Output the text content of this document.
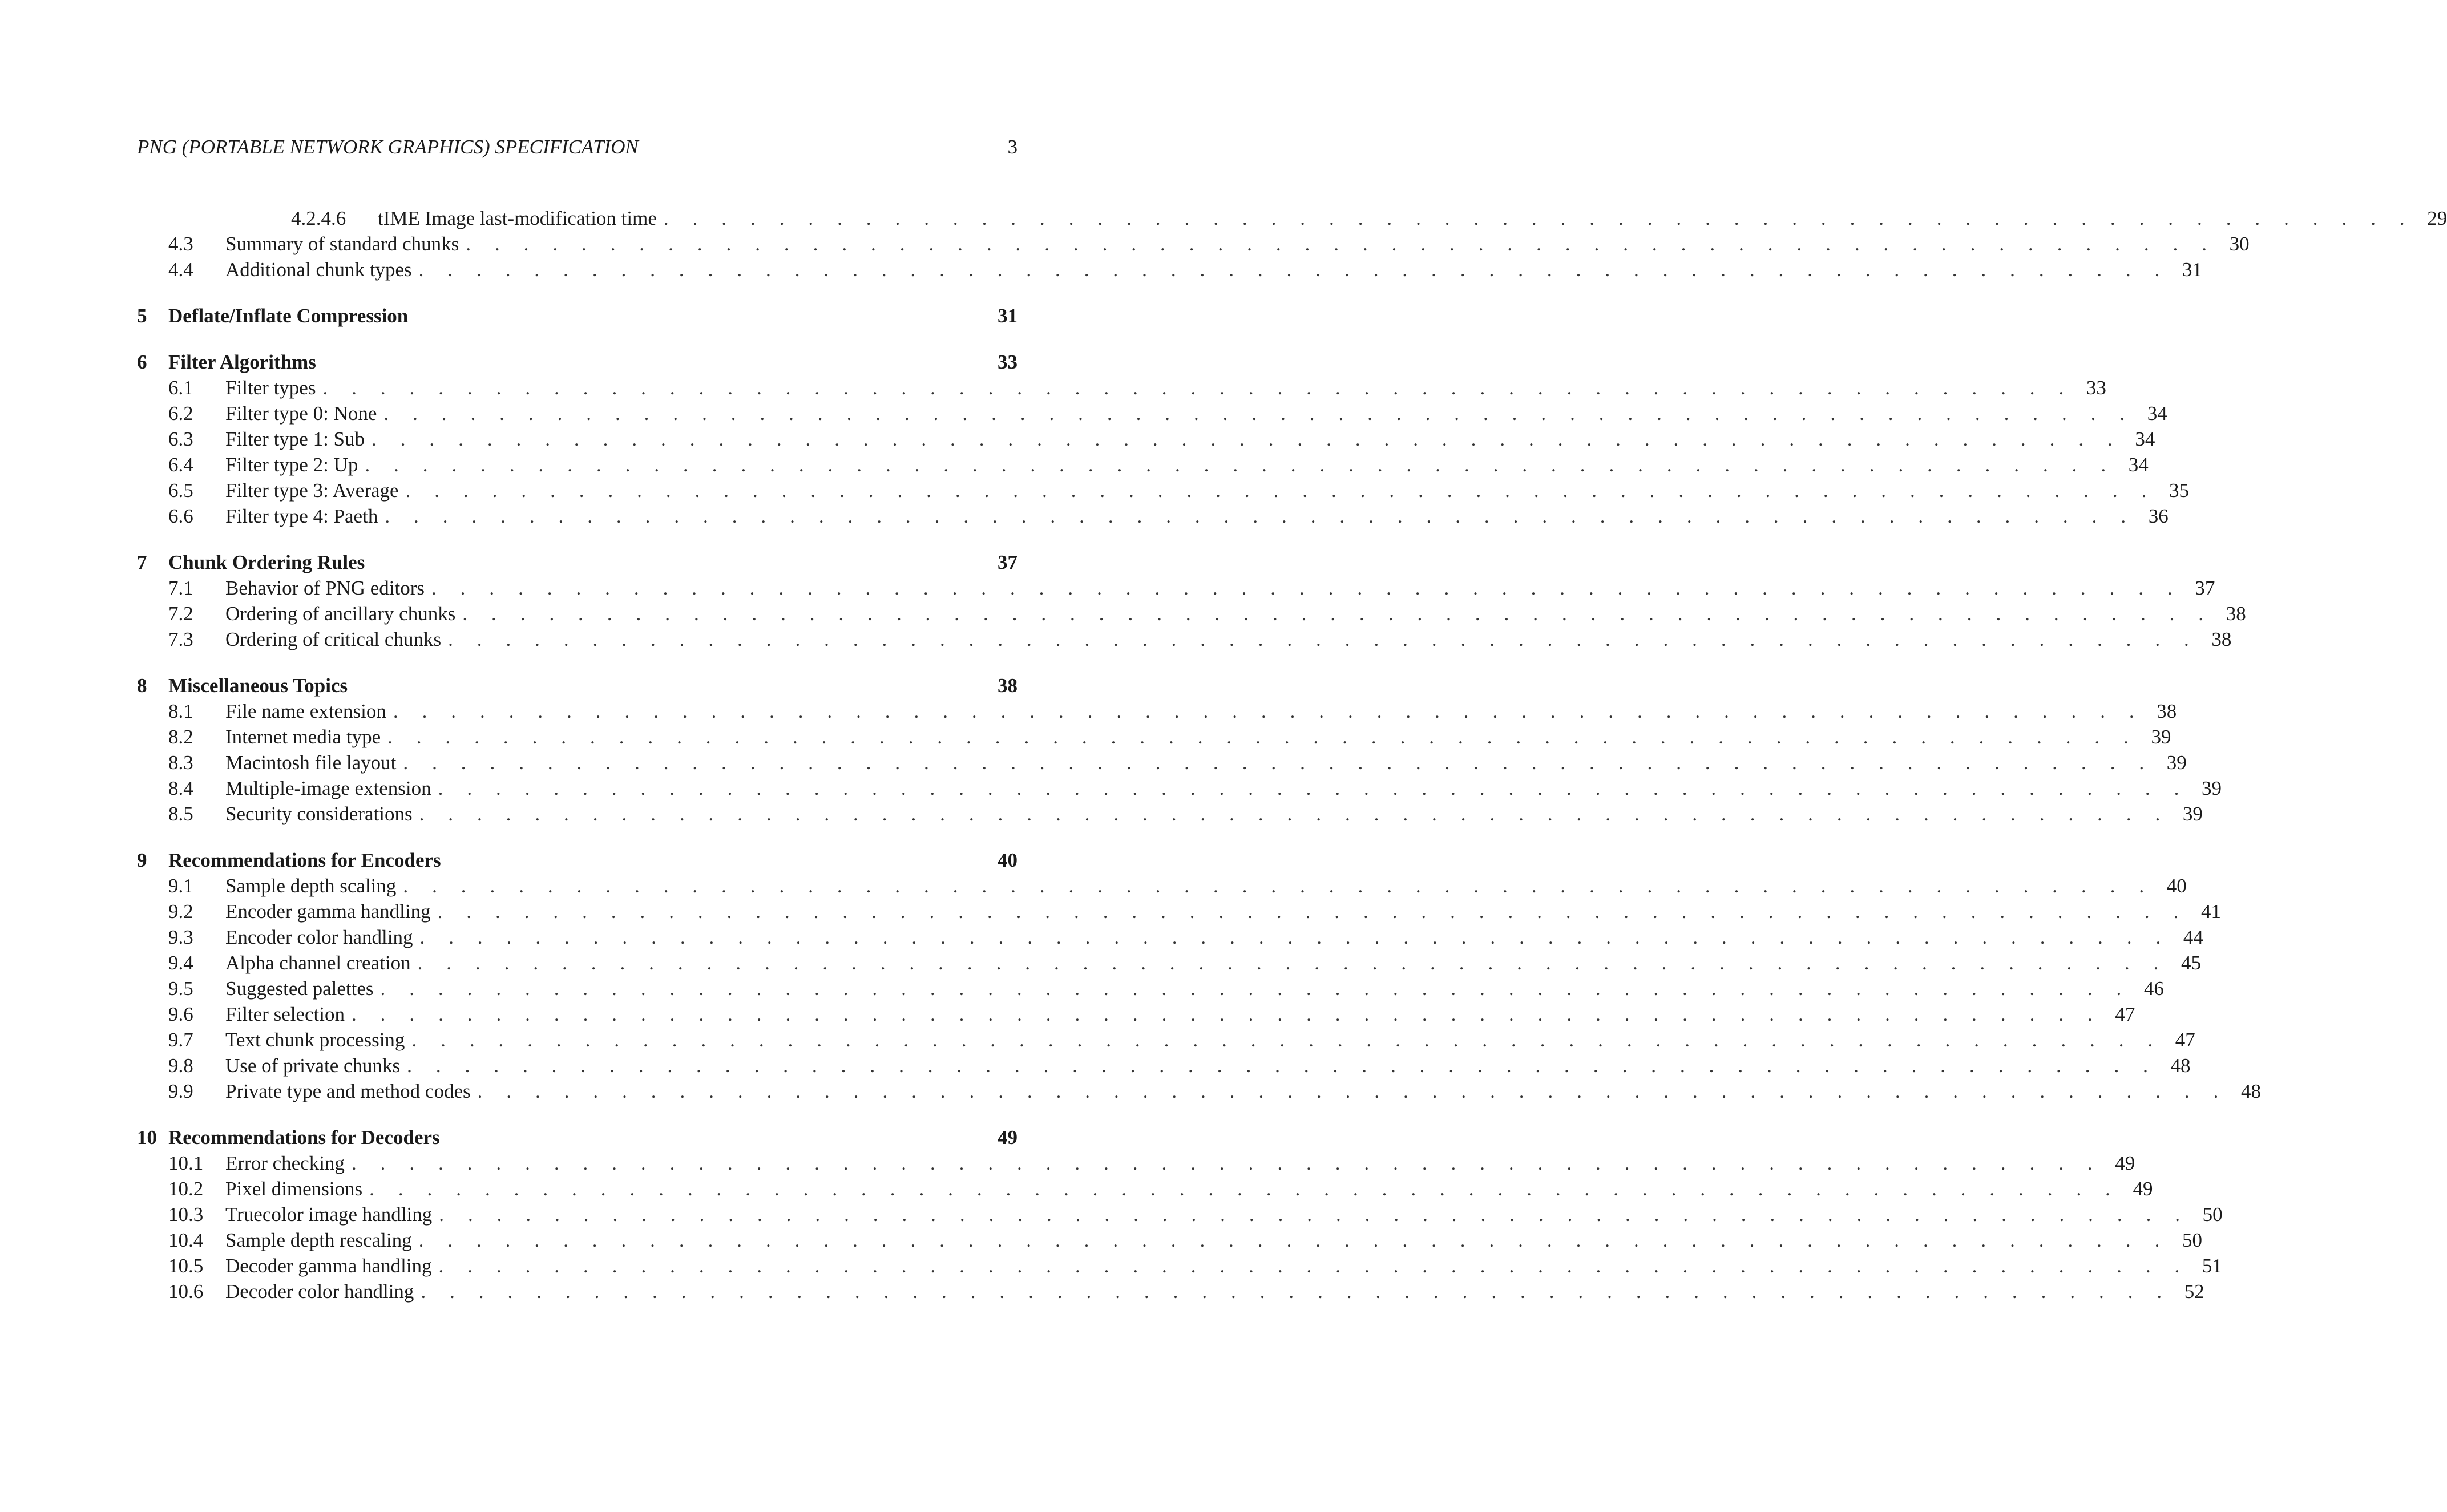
PNG (PORTABLE NETWORK GRAPHICS) SPECIFICATION	3
4.2.4.6	tIME Image last-modification time . . . . . . . . . . . . . . . . . . . . . . . . . . . . . . . . . . . . . . . . . . . . . . . . . . . . . . . . . . . . . 29
4.3	Summary of standard chunks . . . . . . . . . . . . . . . . . . . . . . . . . . . . . . . . . . . . . . . . . . . . . . . . . . . . . . . . . . . . . 30
4.4	Additional chunk types . . . . . . . . . . . . . . . . . . . . . . . . . . . . . . . . . . . . . . . . . . . . . . . . . . . . . . . . . . . . . 31
5	Deflate/Inflate Compression	31
6	Filter Algorithms	33
6.1	Filter types . . . . . . . . . . . . . . . . . . . . . . . . . . . . . . . . . . . . . . . . . . . . . . . . . . . . . . . . . . . . . 33
6.2	Filter type 0: None . . . . . . . . . . . . . . . . . . . . . . . . . . . . . . . . . . . . . . . . . . . . . . . . . . . . . . . . . . . . . 34
6.3	Filter type 1: Sub . . . . . . . . . . . . . . . . . . . . . . . . . . . . . . . . . . . . . . . . . . . . . . . . . . . . . . . . . . . . . 34
6.4	Filter type 2: Up . . . . . . . . . . . . . . . . . . . . . . . . . . . . . . . . . . . . . . . . . . . . . . . . . . . . . . . . . . . . . 34
6.5	Filter type 3: Average . . . . . . . . . . . . . . . . . . . . . . . . . . . . . . . . . . . . . . . . . . . . . . . . . . . . . . . . . . . . . 35
6.6	Filter type 4: Paeth . . . . . . . . . . . . . . . . . . . . . . . . . . . . . . . . . . . . . . . . . . . . . . . . . . . . . . . . . . . . . 36
7	Chunk Ordering Rules	37
7.1	Behavior of PNG editors . . . . . . . . . . . . . . . . . . . . . . . . . . . . . . . . . . . . . . . . . . . . . . . . . . . . . . . . . . . . . 37
7.2	Ordering of ancillary chunks . . . . . . . . . . . . . . . . . . . . . . . . . . . . . . . . . . . . . . . . . . . . . . . . . . . . . . . . . . . . . 38
7.3	Ordering of critical chunks . . . . . . . . . . . . . . . . . . . . . . . . . . . . . . . . . . . . . . . . . . . . . . . . . . . . . . . . . . . . . 38
8	Miscellaneous Topics	38
8.1	File name extension . . . . . . . . . . . . . . . . . . . . . . . . . . . . . . . . . . . . . . . . . . . . . . . . . . . . . . . . . . . . . 38
8.2	Internet media type . . . . . . . . . . . . . . . . . . . . . . . . . . . . . . . . . . . . . . . . . . . . . . . . . . . . . . . . . . . . . 39
8.3	Macintosh file layout . . . . . . . . . . . . . . . . . . . . . . . . . . . . . . . . . . . . . . . . . . . . . . . . . . . . . . . . . . . . . 39
8.4	Multiple-image extension . . . . . . . . . . . . . . . . . . . . . . . . . . . . . . . . . . . . . . . . . . . . . . . . . . . . . . . . . . . . . 39
8.5	Security considerations . . . . . . . . . . . . . . . . . . . . . . . . . . . . . . . . . . . . . . . . . . . . . . . . . . . . . . . . . . . . . 39
9	Recommendations for Encoders	40
9.1	Sample depth scaling . . . . . . . . . . . . . . . . . . . . . . . . . . . . . . . . . . . . . . . . . . . . . . . . . . . . . . . . . . . . . 40
9.2	Encoder gamma handling . . . . . . . . . . . . . . . . . . . . . . . . . . . . . . . . . . . . . . . . . . . . . . . . . . . . . . . . . . . . . 41
9.3	Encoder color handling . . . . . . . . . . . . . . . . . . . . . . . . . . . . . . . . . . . . . . . . . . . . . . . . . . . . . . . . . . . . . 44
9.4	Alpha channel creation . . . . . . . . . . . . . . . . . . . . . . . . . . . . . . . . . . . . . . . . . . . . . . . . . . . . . . . . . . . . . 45
9.5	Suggested palettes . . . . . . . . . . . . . . . . . . . . . . . . . . . . . . . . . . . . . . . . . . . . . . . . . . . . . . . . . . . . . 46
9.6	Filter selection . . . . . . . . . . . . . . . . . . . . . . . . . . . . . . . . . . . . . . . . . . . . . . . . . . . . . . . . . . . . . 47
9.7	Text chunk processing . . . . . . . . . . . . . . . . . . . . . . . . . . . . . . . . . . . . . . . . . . . . . . . . . . . . . . . . . . . . . 47
9.8	Use of private chunks . . . . . . . . . . . . . . . . . . . . . . . . . . . . . . . . . . . . . . . . . . . . . . . . . . . . . . . . . . . . . 48
9.9	Private type and method codes . . . . . . . . . . . . . . . . . . . . . . . . . . . . . . . . . . . . . . . . . . . . . . . . . . . . . . . . . . . . . 48
10 Recommendations for Decoders	49
10.1	Error checking . . . . . . . . . . . . . . . . . . . . . . . . . . . . . . . . . . . . . . . . . . . . . . . . . . . . . . . . . . . . . 49
10.2	Pixel dimensions . . . . . . . . . . . . . . . . . . . . . . . . . . . . . . . . . . . . . . . . . . . . . . . . . . . . . . . . . . . . . 49
10.3	Truecolor image handling . . . . . . . . . . . . . . . . . . . . . . . . . . . . . . . . . . . . . . . . . . . . . . . . . . . . . . . . . . . . . 50
10.4	Sample depth rescaling . . . . . . . . . . . . . . . . . . . . . . . . . . . . . . . . . . . . . . . . . . . . . . . . . . . . . . . . . . . . . 50
10.5	Decoder gamma handling . . . . . . . . . . . . . . . . . . . . . . . . . . . . . . . . . . . . . . . . . . . . . . . . . . . . . . . . . . . . . 51
10.6	Decoder color handling . . . . . . . . . . . . . . . . . . . . . . . . . . . . . . . . . . . . . . . . . . . . . . . . . . . . . . . . . . . . . 52
